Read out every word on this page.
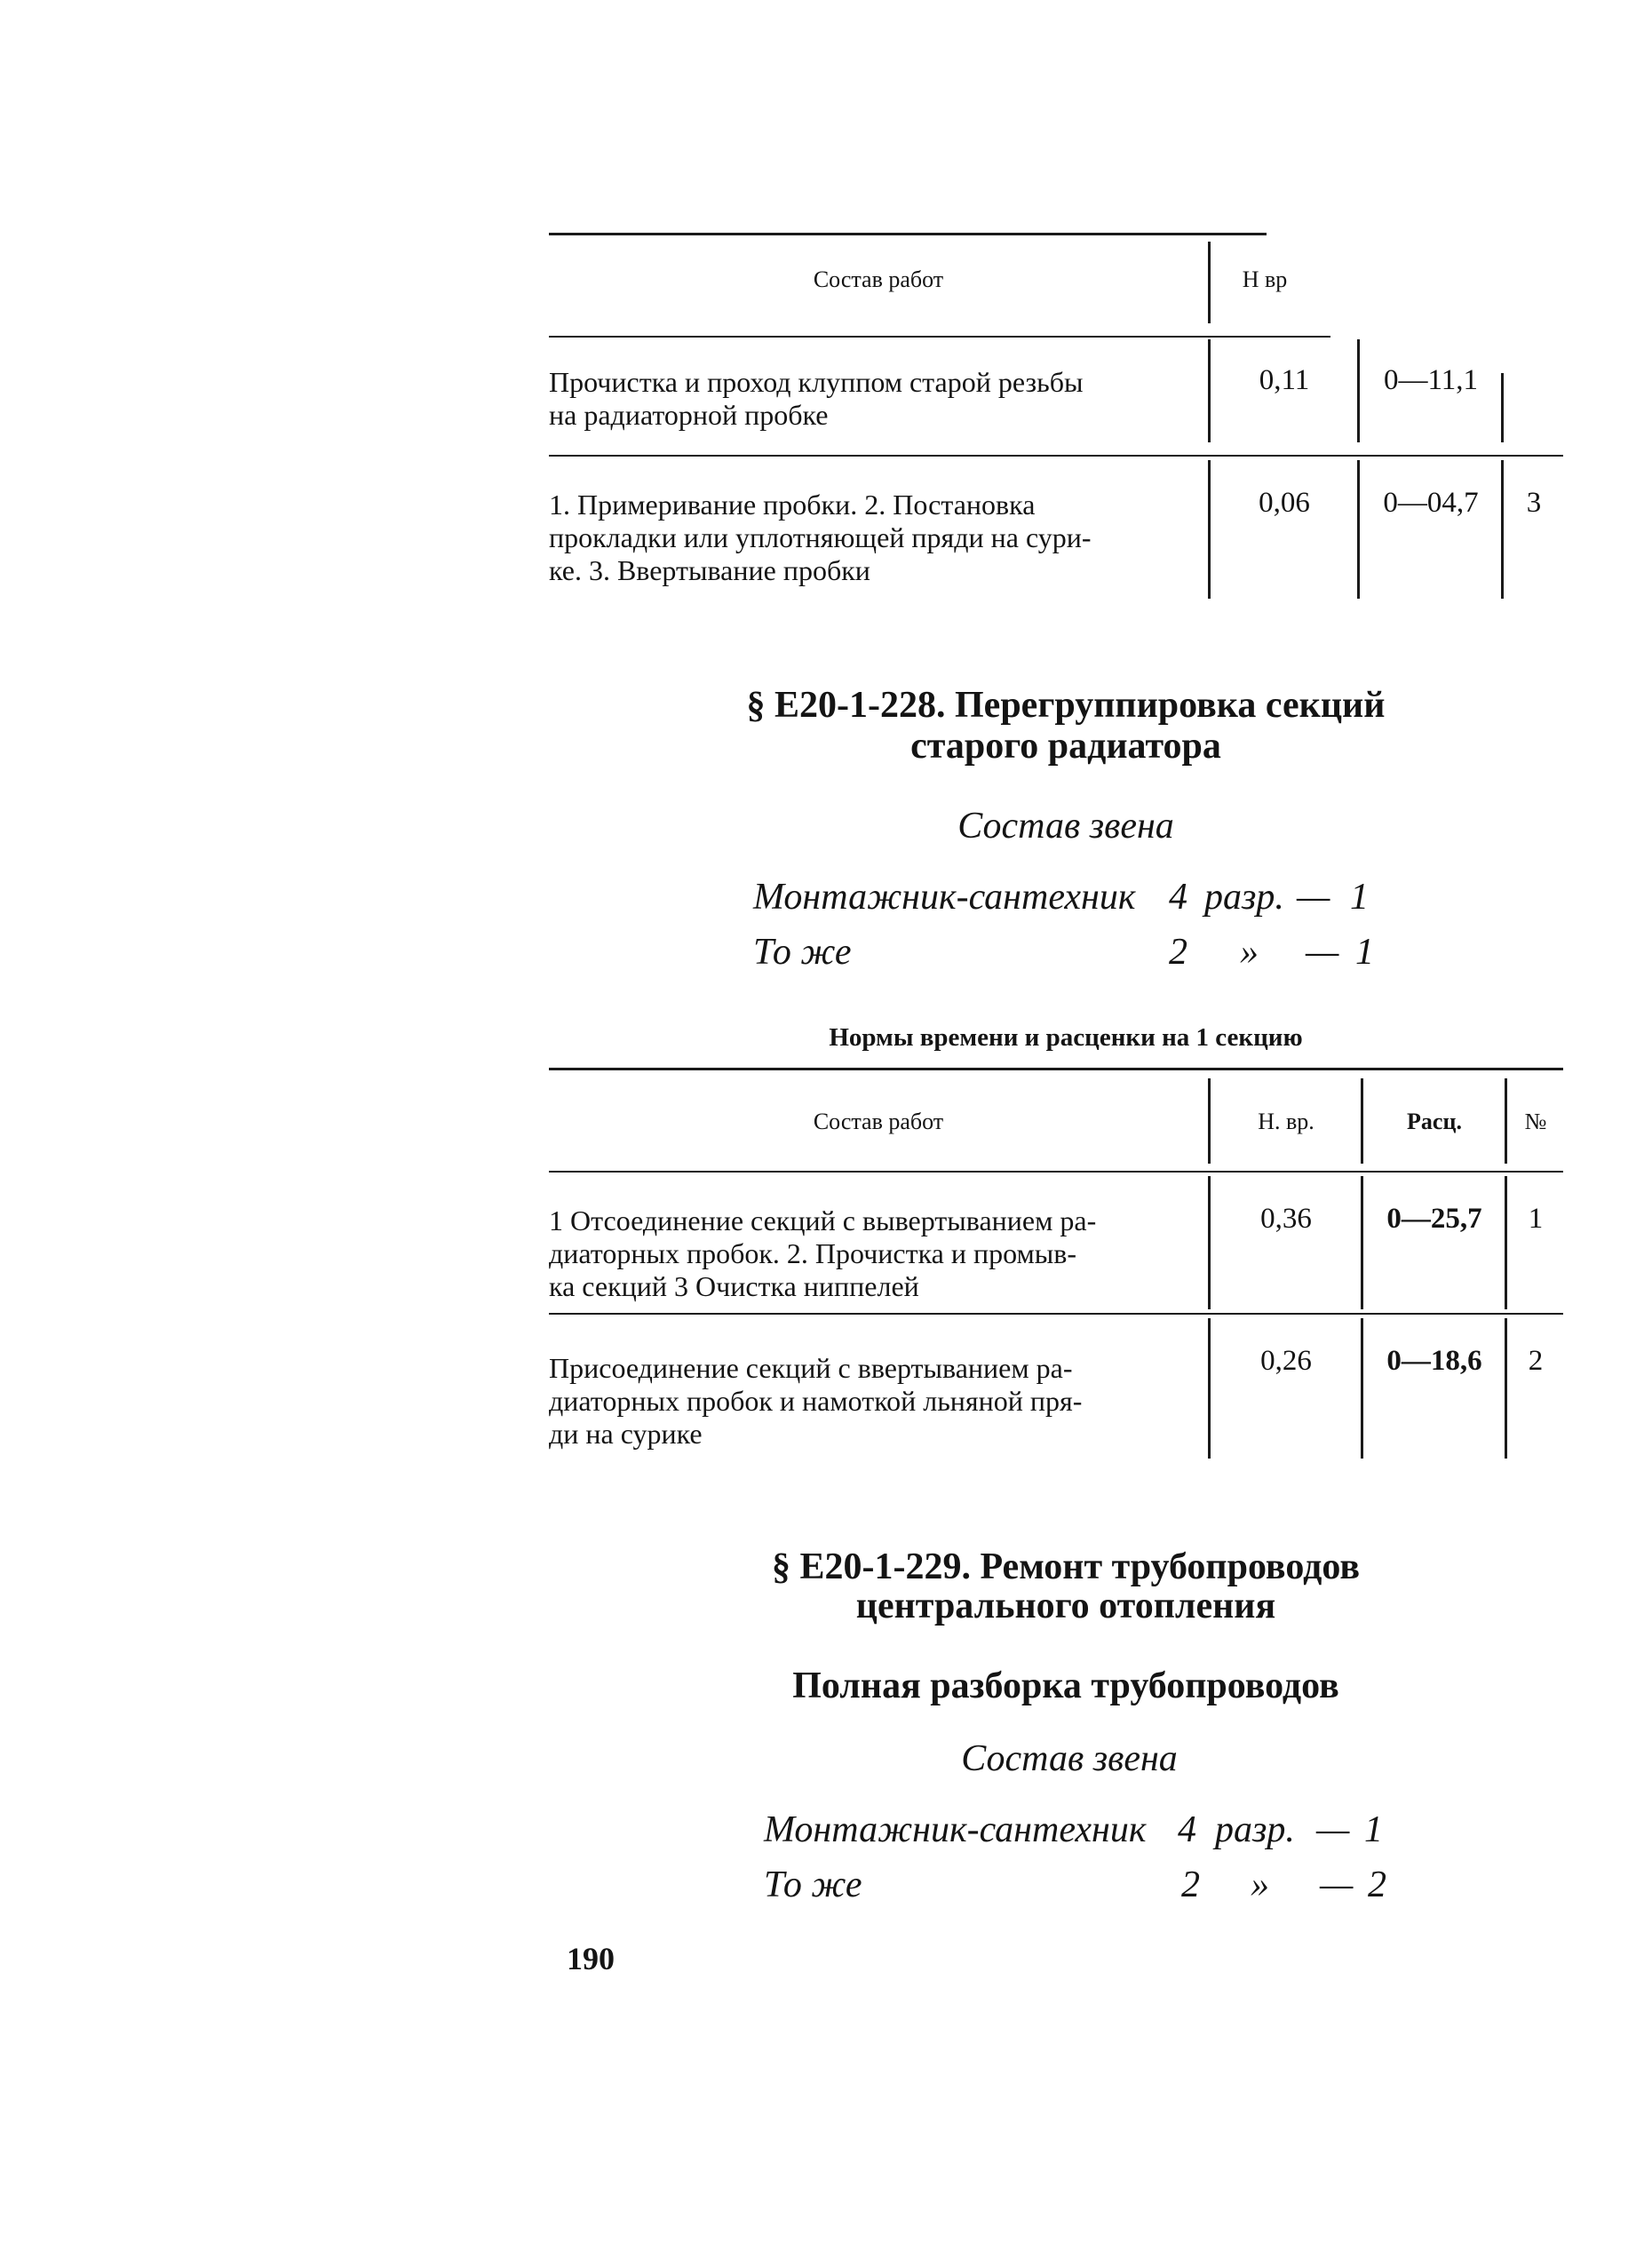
Состав работ	Н вр
Прочистка и проход клуппом старой резьбы
на радиаторной пробке
0,11	0—11,1
1. Примеривание пробки. 2. Постановка
прокладки или уплотняющей пряди на сури-
ке. 3. Ввертывание пробки
0,06	0—04,7	3
§ Е20-1-228. Перегруппировка секций
старого радиатора
Состав звена
Монтажник-сантехник 4 разр. — 1
То же	2 » — 1
Нормы времени и расценки на 1 секцию
Состав работ	Н. вр.	Расц.	№
1 Отсоединение секций с вывертыванием ра-
диаторных пробок. 2. Прочистка и промыв-
ка секций 3 Очистка ниппелей
0,36	0—25,7	1
Присоединение секций с ввертыванием ра-
диаторных пробок и намоткой льняной пря-
ди на сурике
0,26	0—18,6	2
§ Е20-1-229. Ремонт трубопроводов
центрального отопления
Полная разборка трубопроводов
Состав звена
Монтажник-сантехник 4 разр. — 1
То же	2 » — 2
190
